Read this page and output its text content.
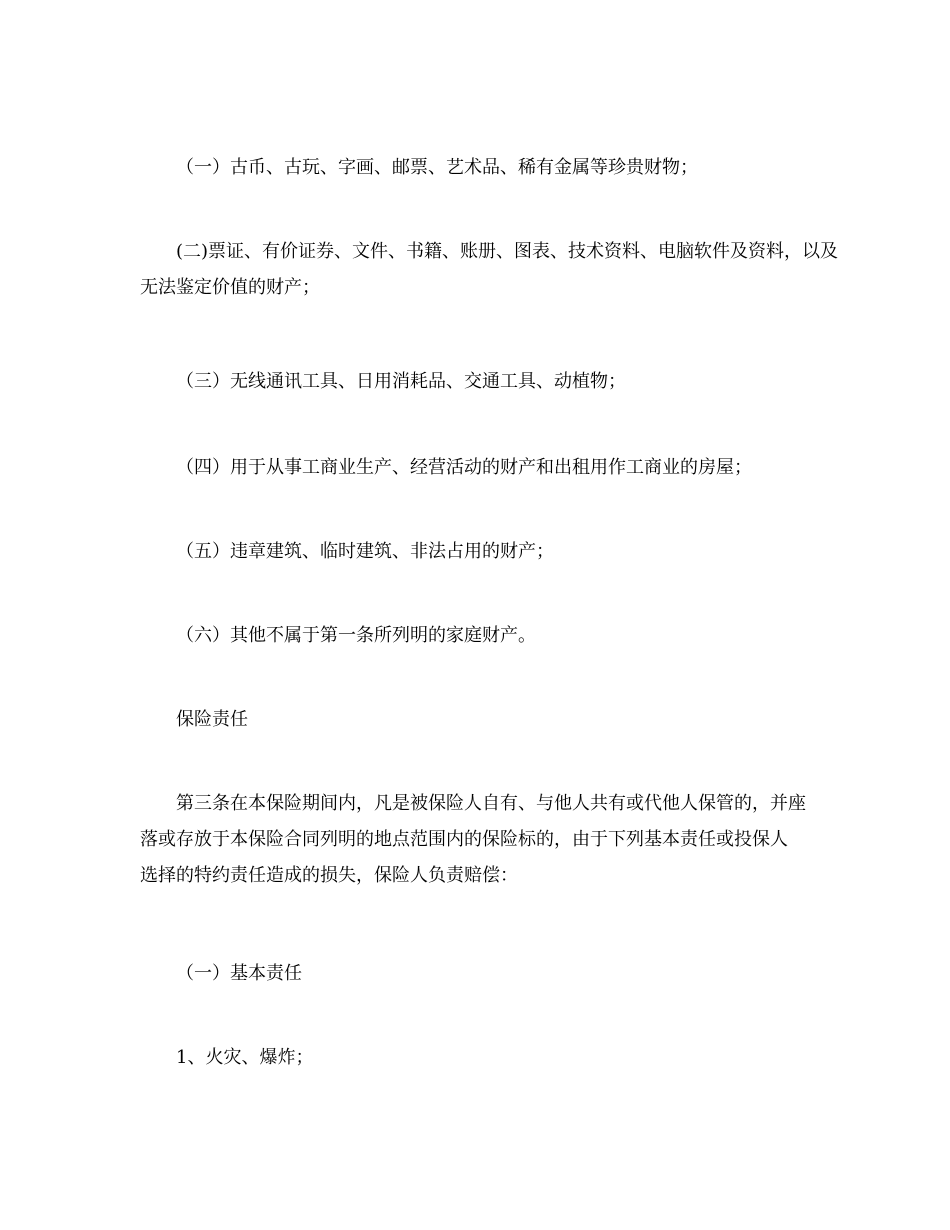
（一）古币、古玩、字画、邮票、艺术品、稀有金属等珍贵财物；

(二)票证、有价证券、文件、书籍、账册、图表、技术资料、电脑软件及资料，以及
无法鉴定价值的财产；

（三）无线通讯工具、日用消耗品、交通工具、动植物；

（四）用于从事工商业生产、经营活动的财产和出租用作工商业的房屋；

（五）违章建筑、临时建筑、非法占用的财产；

（六）其他不属于第一条所列明的家庭财产。

保险责任

第三条在本保险期间内，凡是被保险人自有、与他人共有或代他人保管的，并座
落或存放于本保险合同列明的地点范围内的保险标的，由于下列基本责任或投保人
选择的特约责任造成的损失，保险人负责赔偿：

（一）基本责任

1、火灾、爆炸；
